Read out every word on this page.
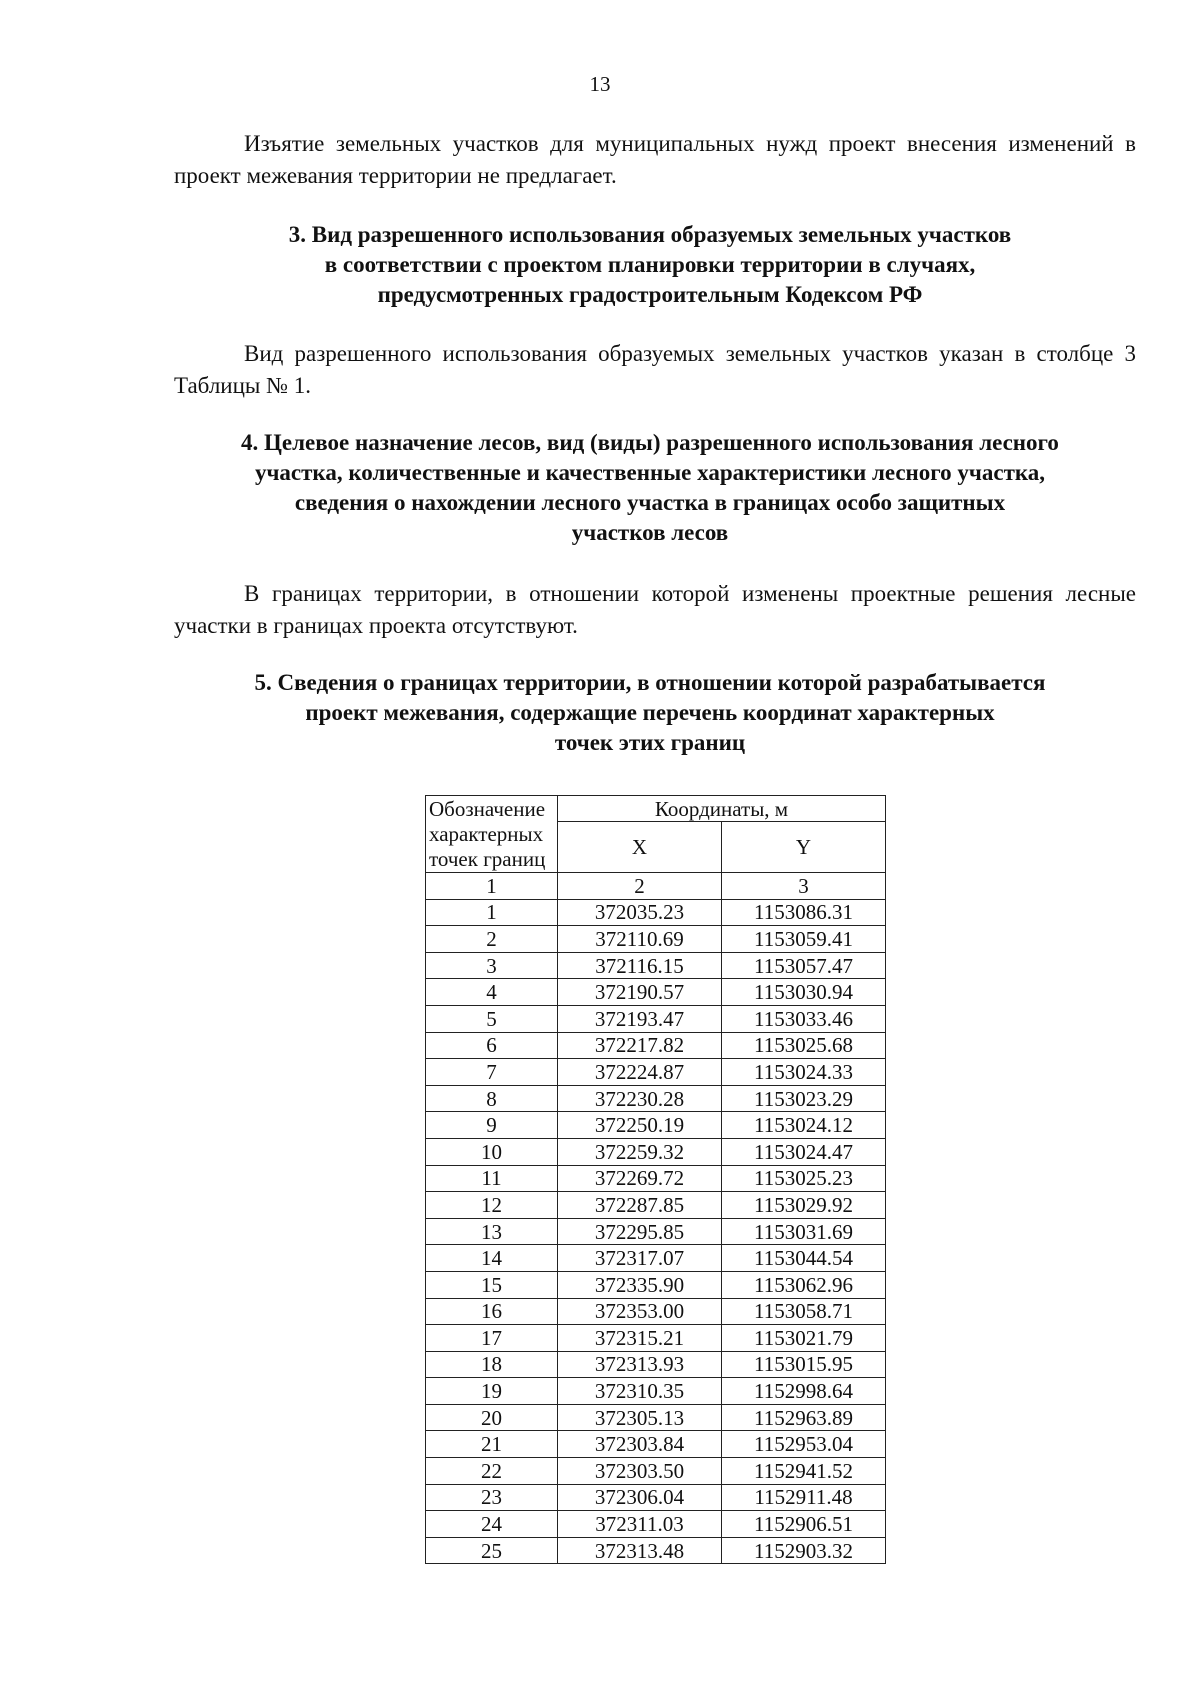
13

Изъятие земельных участков для муниципальных нужд проект внесения изменений в проект межевания территории не предлагает.

3. Вид разрешенного использования образуемых земельных участков
в соответствии с проектом планировки территории в случаях,
предусмотренных градостроительным Кодексом РФ

Вид разрешенного использования образуемых земельных участков указан в столбце 3 Таблицы № 1.

4. Целевое назначение лесов, вид (виды) разрешенного использования лесного
участка, количественные и качественные характеристики лесного участка,
сведения о нахождении лесного участка в границах особо защитных
участков лесов

В границах территории, в отношении которой изменены проектные решения лесные участки в границах проекта отсутствуют.

5. Сведения о границах территории, в отношении которой разрабатывается
проект межевания, содержащие перечень координат характерных
точек этих границ
Обозначение характерных точек границ	Координаты, м	
	X	Y
1	2	3
1	372035.23	1153086.31
2	372110.69	1153059.41
3	372116.15	1153057.47
4	372190.57	1153030.94
5	372193.47	1153033.46
6	372217.82	1153025.68
7	372224.87	1153024.33
8	372230.28	1153023.29
9	372250.19	1153024.12
10	372259.32	1153024.47
11	372269.72	1153025.23
12	372287.85	1153029.92
13	372295.85	1153031.69
14	372317.07	1153044.54
15	372335.90	1153062.96
16	372353.00	1153058.71
17	372315.21	1153021.79
18	372313.93	1153015.95
19	372310.35	1152998.64
20	372305.13	1152963.89
21	372303.84	1152953.04
22	372303.50	1152941.52
23	372306.04	1152911.48
24	372311.03	1152906.51
25	372313.48	1152903.32
